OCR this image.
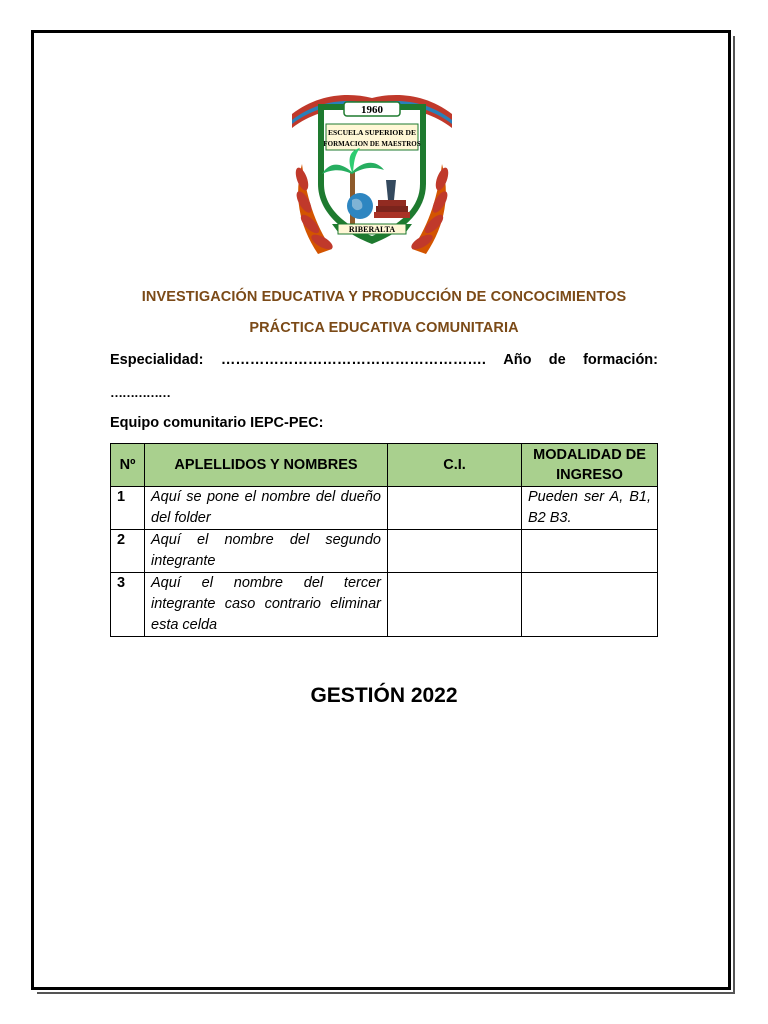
1960
ESCUELA SUPERIOR DE
FORMACION DE MAESTROS
RIBERALTA
INVESTIGACIÓN EDUCATIVA Y PRODUCCIÓN DE CONCOCIMIENTOS
PRÁCTICA EDUCATIVA COMUNITARIA
Especialidad: ………………………………………………. Año de formación:
……………
Equipo comunitario IEPC-PEC:
Nº	APLELLIDOS Y NOMBRES	C.I.	MODALIDAD DE INGRESO
1	Aquí se pone el nombre del dueño del folder		Pueden ser A, B1, B2 B3.
2	Aquí el nombre del segundo integrante		
3	Aquí el nombre del tercer integrante caso contrario eliminar esta celda		
GESTIÓN 2022
